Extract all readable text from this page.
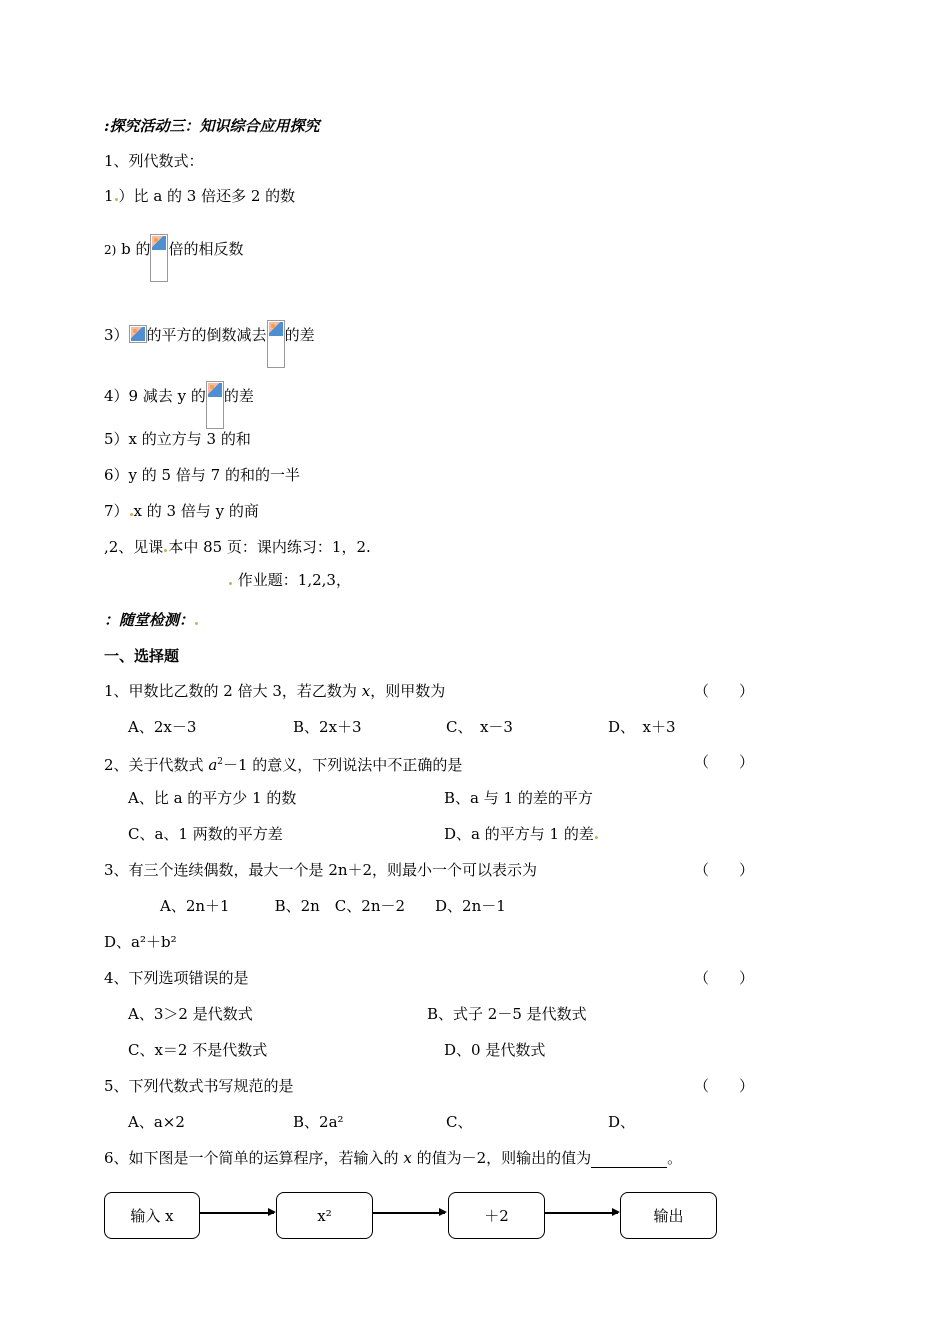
:探究活动三：知识综合应用探究
1、列代数式：
1 ）比 a 的 3 倍还多 2 的数
2) b 的 倍的相反数
3） 的平方的倒数减去 的差
4）9 减去 y 的 的差
5）x 的立方与 3 的和
6）y 的 5 倍与 7 的和的一半
7） x 的 3 倍与 y 的商
,2、见课 本中 85 页：课内练习：1，2.
作业题：1,2,3，
：随堂检测：
一、选择题
1、甲数比乙数的 2 倍大 3，若乙数为 x，则甲数为	（　　）
A、2x－3	B、2x＋3	C、　x－3	D、　x＋3
2、关于代数式 $a^2-1$ 的意义，下列说法中不正确的是	（　　）
A、比 a 的平方少 1 的数	B、a 与 1 的差的平方
C、a、1 两数的平方差	D、a 的平方与 1 的差
3、有三个连续偶数，最大一个是 2n＋2，则最小一个可以表示为	（　　）
A、2n＋1　　　B、2n　C、2n－2　　D、2n－1
D、a²＋b²
4、下列选项错误的是	（　　）
A、3＞2 是代数式	B、式子 2－5 是代数式
C、x＝2 不是代数式	D、0 是代数式
5、下列代数式书写规范的是	（　　）
A、a×2	B、2a²	C、	D、
6、如下图是一个简单的运算程序，若输入的 x 的值为－2，则输出的值为	。
输入 x	x²	＋2	输出
